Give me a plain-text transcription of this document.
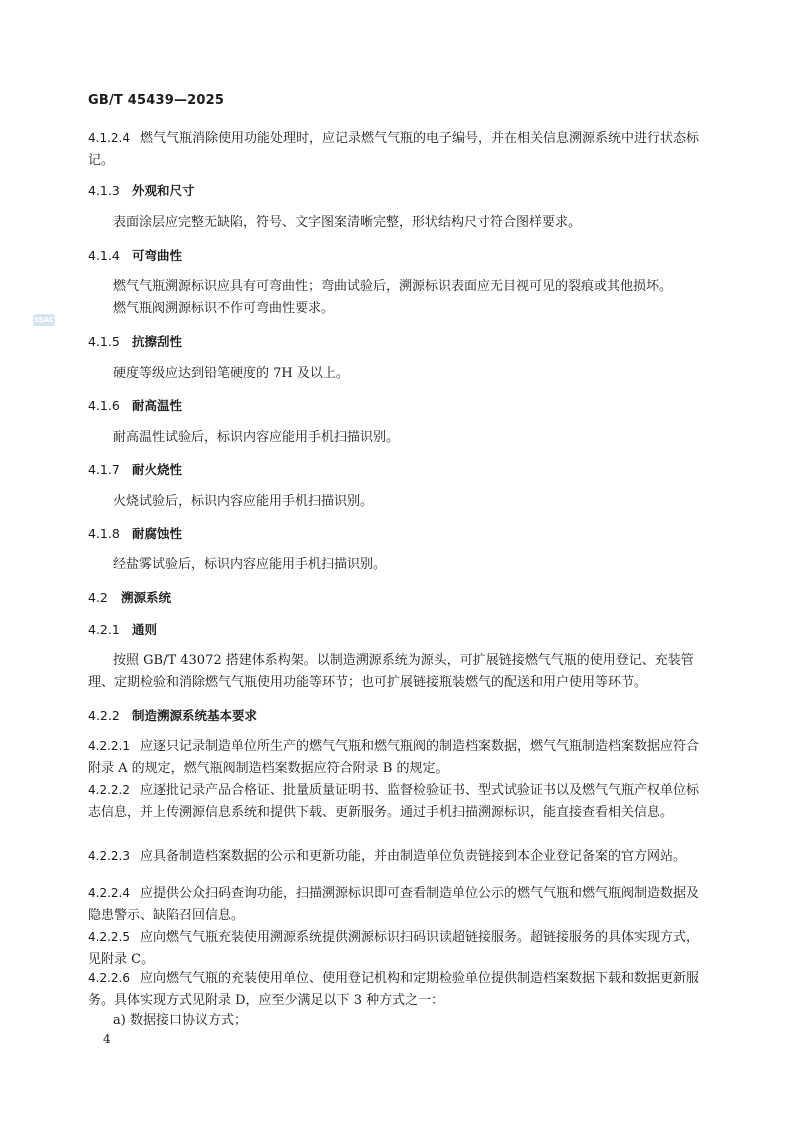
GB/T 45439—2025
SSAC
4.1.2.4 燃气气瓶消除使用功能处理时，应记录燃气气瓶的电子编号，并在相关信息溯源系统中进行状态标记。
4.1.3 外观和尺寸
表面涂层应完整无缺陷，符号、文字图案清晰完整，形状结构尺寸符合图样要求。
4.1.4 可弯曲性
燃气气瓶溯源标识应具有可弯曲性；弯曲试验后，溯源标识表面应无目视可见的裂痕或其他损坏。
燃气瓶阀溯源标识不作可弯曲性要求。
4.1.5 抗擦刮性
硬度等级应达到铅笔硬度的 7H 及以上。
4.1.6 耐高温性
耐高温性试验后，标识内容应能用手机扫描识别。
4.1.7 耐火烧性
火烧试验后，标识内容应能用手机扫描识别。
4.1.8 耐腐蚀性
经盐雾试验后，标识内容应能用手机扫描识别。
4.2 溯源系统
4.2.1 通则
按照 GB/T 43072 搭建体系构架。以制造溯源系统为源头，可扩展链接燃气气瓶的使用登记、充装管理、定期检验和消除燃气气瓶使用功能等环节；也可扩展链接瓶装燃气的配送和用户使用等环节。
4.2.2 制造溯源系统基本要求
4.2.2.1 应逐只记录制造单位所生产的燃气气瓶和燃气瓶阀的制造档案数据，燃气气瓶制造档案数据应符合附录 A 的规定，燃气瓶阀制造档案数据应符合附录 B 的规定。
4.2.2.2 应逐批记录产品合格证、批量质量证明书、监督检验证书、型式试验证书以及燃气气瓶产权单位标志信息，并上传溯源信息系统和提供下载、更新服务。通过手机扫描溯源标识，能直接查看相关信息。
4.2.2.3 应具备制造档案数据的公示和更新功能，并由制造单位负责链接到本企业登记备案的官方网站。
4.2.2.4 应提供公众扫码查询功能，扫描溯源标识即可查看制造单位公示的燃气气瓶和燃气瓶阀制造数据及隐患警示、缺陷召回信息。
4.2.2.5 应向燃气气瓶充装使用溯源系统提供溯源标识扫码识读超链接服务。超链接服务的具体实现方式，见附录 C。
4.2.2.6 应向燃气气瓶的充装使用单位、使用登记机构和定期检验单位提供制造档案数据下载和数据更新服务。具体实现方式见附录 D，应至少满足以下 3 种方式之一：
a) 数据接口协议方式；
4
